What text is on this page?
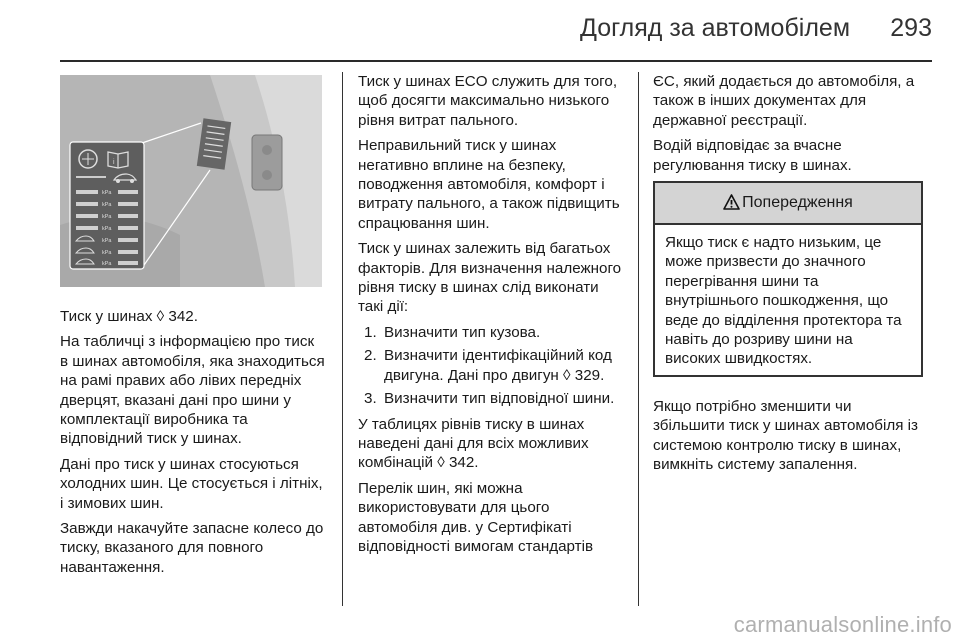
Догляд за автомобілем	293
i
kPa
kPa
kPa
kPa
kPa
kPa
kPa

Тиск у шинах ◊ 342.

На табличці з інформацією про тиск в шинах автомобіля, яка знаходиться на рамі правих або лівих передніх дверцят, вказані дані про шини у комплектації виробника та відповідний тиск у шинах.

Дані про тиск у шинах стосуються холодних шин. Це стосується і літніх, і зимових шин.

Завжди накачуйте запасне колесо до тиску, вказаного для повного навантаження.

Тиск у шинах ECO служить для того, щоб досягти максимально низького рівня витрат пального.

Неправильний тиск у шинах негативно вплине на безпеку, поводження автомобіля, комфорт і витрату пального, а також підвищить спрацювання шин.

Тиск у шинах залежить від багатьох факторів. Для визначення належного рівня тиску в шинах слід виконати такі дії:

1. Визначити тип кузова.
2. Визначити ідентифікаційний код двигуна. Дані про двигун ◊ 329.
3. Визначити тип відповідної шини.

У таблицях рівнів тиску в шинах наведені дані для всіх можливих комбінацій ◊ 342.

Перелік шин, які можна використовувати для цього автомобіля див. у Сертифікаті відповідності вимогам стандартів

ЄС, який додається до автомобіля, а також в інших документах для державної реєстрації.

Водій відповідає за вчасне регулювання тиску в шинах.

Попередження
Якщо тиск є надто низьким, це може призвести до значного перегрівання шини та внутрішнього пошкодження, що веде до відділення протектора та навіть до розриву шини на високих швидкостях.

Якщо потрібно зменшити чи збільшити тиск у шинах автомобіля із системою контролю тиску в шинах, вимкніть систему запалення.

carmanualsonline.info
